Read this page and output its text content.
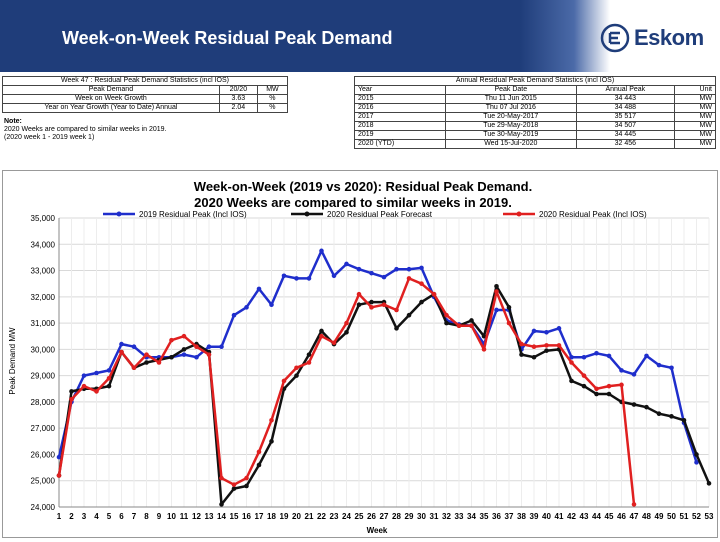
Week-on-Week Residual Peak Demand	Eskom
Week 47 : Residual Peak Demand Statistics (incl IOS)		
Peak Demand	20/20	MW
Week on Week Growth	3.63	%
Year on Year Growth (Year to Date) Annual	2.04	%
Note:
2020 Weeks are compared to similar weeks in 2019.
(2020 week 1 - 2019 week 1)
Annual Residual Peak Demand Statistics (incl IOS)			
Year	Peak Date	Annual Peak	Unit
2015	Thu 11 Jun 2015	34 443	MW
2016	Thu 07 Jul 2016	34 488	MW
2017	Tue 20-May-2017	35 517	MW
2018	Tue 29-May-2018	34 507	MW
2019	Tue 30-May-2019	34 445	MW
2020 (YTD)	Wed 15-Jul-2020	32 456	MW
Week-on-Week (2019 vs 2020): Residual Peak Demand.
2020 Weeks are compared to similar weeks in 2019.
24,000
25,000
26,000
27,000
28,000
29,000
30,000
31,000
32,000
33,000
34,000
35,000
1 2 3 4 5 6 7 8 9 10 11 12 13 14 15 16 17 18 19 20 21 22 23 24 25 26 27 28 29 30 31 32 33 34 35 36 37 38 39 40 41 42 43 44 45 46 47 48 49 50 51 52 53
2019 Residual Peak (Incl IOS)	2020 Residual Peak Forecast	2020 Residual Peak (Incl IOS)
Peak Demand MW
Week
